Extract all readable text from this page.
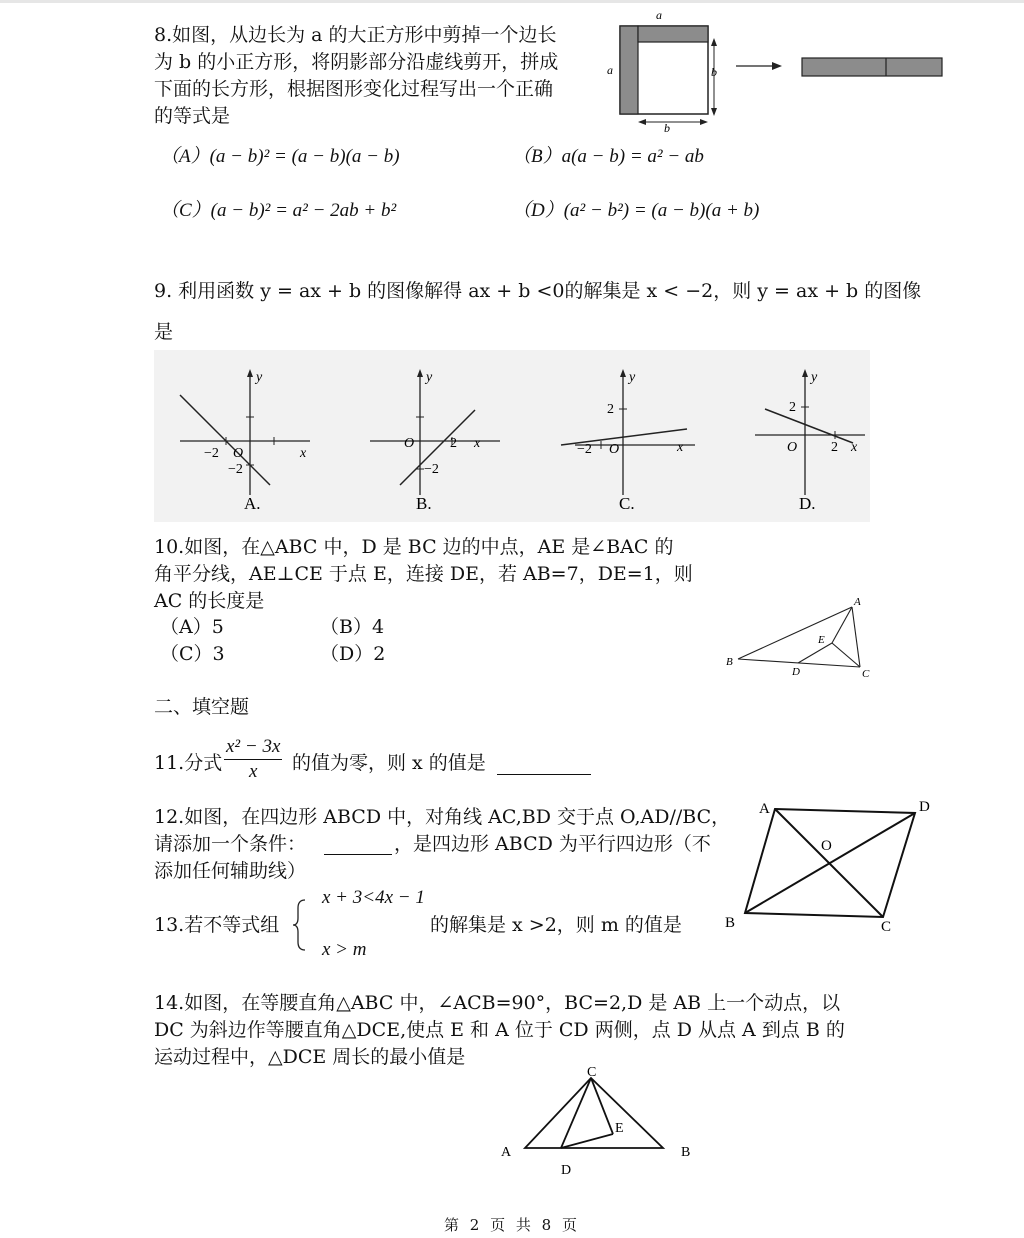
8.如图，从边长为 a 的大正方形中剪掉一个边长
为 b 的小正方形，将阴影部分沿虚线剪开，拼成
下面的长方形，根据图形变化过程写出一个正确
的等式是
a
a	b
b
（A）(a − b)² = (a − b)(a − b)	（B）a(a − b) = a² − ab
（C）(a − b)² = a² − 2ab + b²	（D）(a² − b²) = (a − b)(a + b)
9. 利用函数 y = ax + b 的图像解得 ax + b <0的解集是 x < −2，则 y = ax + b 的图像
是
y
x
O
−2
−2
A.
y
x
O	2
−2
B.
y
x
O
−2
2
C.
y
x
O 2
2
D.
10.如图，在△ABC 中，D 是 BC 边的中点，AE 是∠BAC 的
角平分线，AE⊥CE 于点 E，连接 DE，若 AB=7，DE=1，则
AC 的长度是
（A）5	（B）4
（C）3	（D）2
A
B
C
D
E
二、填空题
11.分式 $\frac{\text{x² − 3x}}{x}$ 的值为零，则 x 的值是
12.如图，在四边形 ABCD 中，对角线 AC,BD 交于点 O,AD//BC，
请添加一个条件：	，是四边形 ABCD 为平行四边形（不
添加任何辅助线）
A	D
O
B	C
13.若不等式组
x + 3<4x − 1
x > m
的解集是 x >2，则 m 的值是
14.如图，在等腰直角△ABC 中，∠ACB=90°，BC=2,D 是 AB 上一个动点，以
DC 为斜边作等腰直角△DCE,使点 E 和 A 位于 CD 两侧，点 D 从点 A 到点 B 的
运动过程中，△DCE 周长的最小值是
C
A	B
D
E
第 2 页 共 8 页
